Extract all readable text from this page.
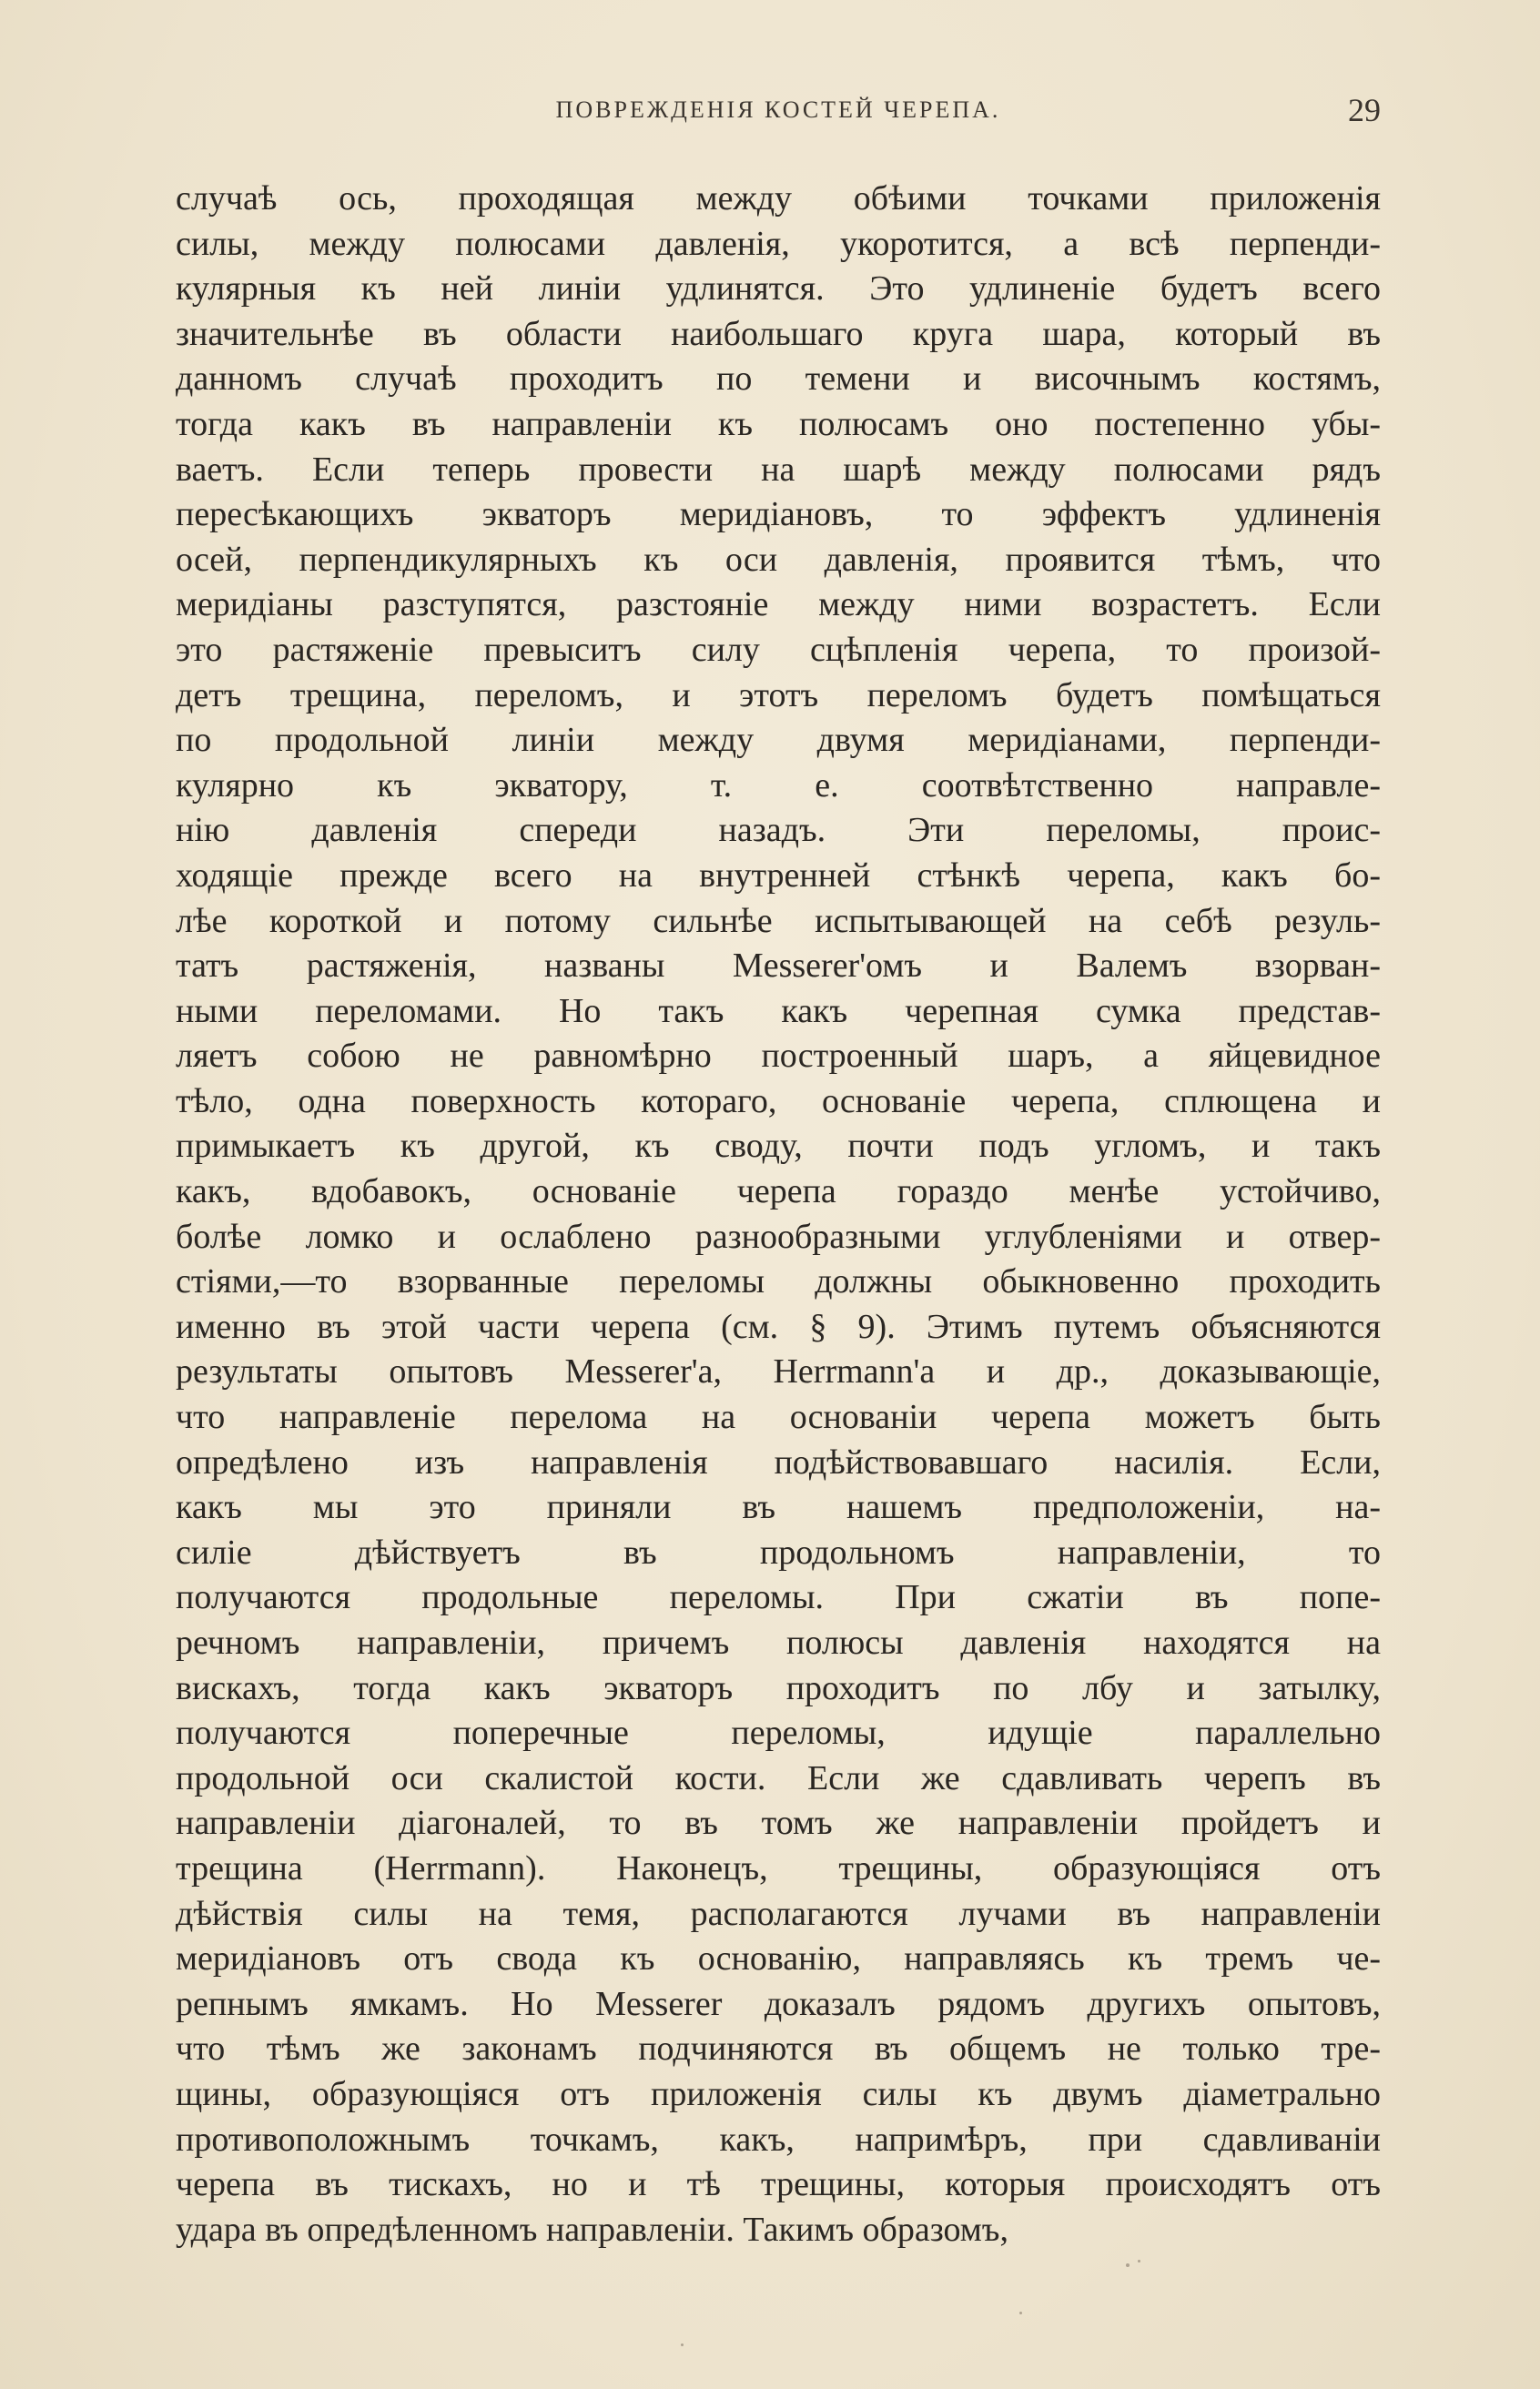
ПОВРЕЖДЕНІЯ КОСТЕЙ ЧЕРЕПА.	29
случаѣ ось, проходящая между обѣими точками приложенія
силы, между полюсами давленія, укоротится, а всѣ перпенди-
кулярныя къ ней линіи удлинятся. Это удлиненіе будетъ всего
значительнѣе въ области наибольшаго круга шара, который въ
данномъ случаѣ проходитъ по темени и височнымъ костямъ,
тогда какъ въ направленіи къ полюсамъ оно постепенно убы-
ваетъ. Если теперь провести на шарѣ между полюсами рядъ
пересѣкающихъ экваторъ меридіановъ, то эффектъ удлиненія
осей, перпендикулярныхъ къ оси давленія, проявится тѣмъ, что
меридіаны разступятся, разстояніе между ними возрастетъ. Если
это растяженіе превыситъ силу сцѣпленія черепа, то произой-
детъ трещина, переломъ, и этотъ переломъ будетъ помѣщаться
по продольной линіи между двумя меридіанами, перпенди-
кулярно къ экватору, т. е. соотвѣтственно направле-
нію давленія спереди назадъ. Эти переломы, проис-
ходящіе прежде всего на внутренней стѣнкѣ черепа, какъ бо-
лѣе короткой и потому сильнѣе испытывающей на себѣ резуль-
татъ растяженія, названы Messerer'омъ и Валемъ взорван-
ными переломами. Но такъ какъ черепная сумка представ-
ляетъ собою не равномѣрно построенный шаръ, а яйцевидное
тѣло, одна поверхность котораго, основаніе черепа, сплющена и
примыкаетъ къ другой, къ своду, почти подъ угломъ, и такъ
какъ, вдобавокъ, основаніе черепа гораздо менѣе устойчиво,
болѣе ломко и ослаблено разнообразными углубленіями и отвер-
стіями,—то взорванные переломы должны обыкновенно проходить
именно въ этой части черепа (см. § 9). Этимъ путемъ объясняются
результаты опытовъ Messerer'а, Herrmann'а и др., доказывающіе,
что направленіе перелома на основаніи черепа можетъ быть
опредѣлено изъ направленія подѣйствовавшаго насилія. Если,
какъ мы это приняли въ нашемъ предположеніи, на-
силіе дѣйствуетъ въ продольномъ направленіи, то
получаются продольные переломы. При сжатіи въ попе-
речномъ направленіи, причемъ полюсы давленія находятся на
вискахъ, тогда какъ экваторъ проходитъ по лбу и затылку,
получаются поперечные переломы, идущіе параллельно
продольной оси скалистой кости. Если же сдавливать черепъ въ
направленіи діагоналей, то въ томъ же направленіи пройдетъ и
трещина (Herrmann). Наконецъ, трещины, образующіяся отъ
дѣйствія силы на темя, располагаются лучами въ направленіи
меридіановъ отъ свода къ основанію, направляясь къ тремъ че-
репнымъ ямкамъ. Но Messerer доказалъ рядомъ другихъ опытовъ,
что тѣмъ же законамъ подчиняются въ общемъ не только тре-
щины, образующіяся отъ приложенія силы къ двумъ діаметрально
противоположнымъ точкамъ, какъ, напримѣръ, при сдавливаніи
черепа въ тискахъ, но и тѣ трещины, которыя происходятъ отъ
удара въ опредѣленномъ направленіи. Такимъ образомъ,
